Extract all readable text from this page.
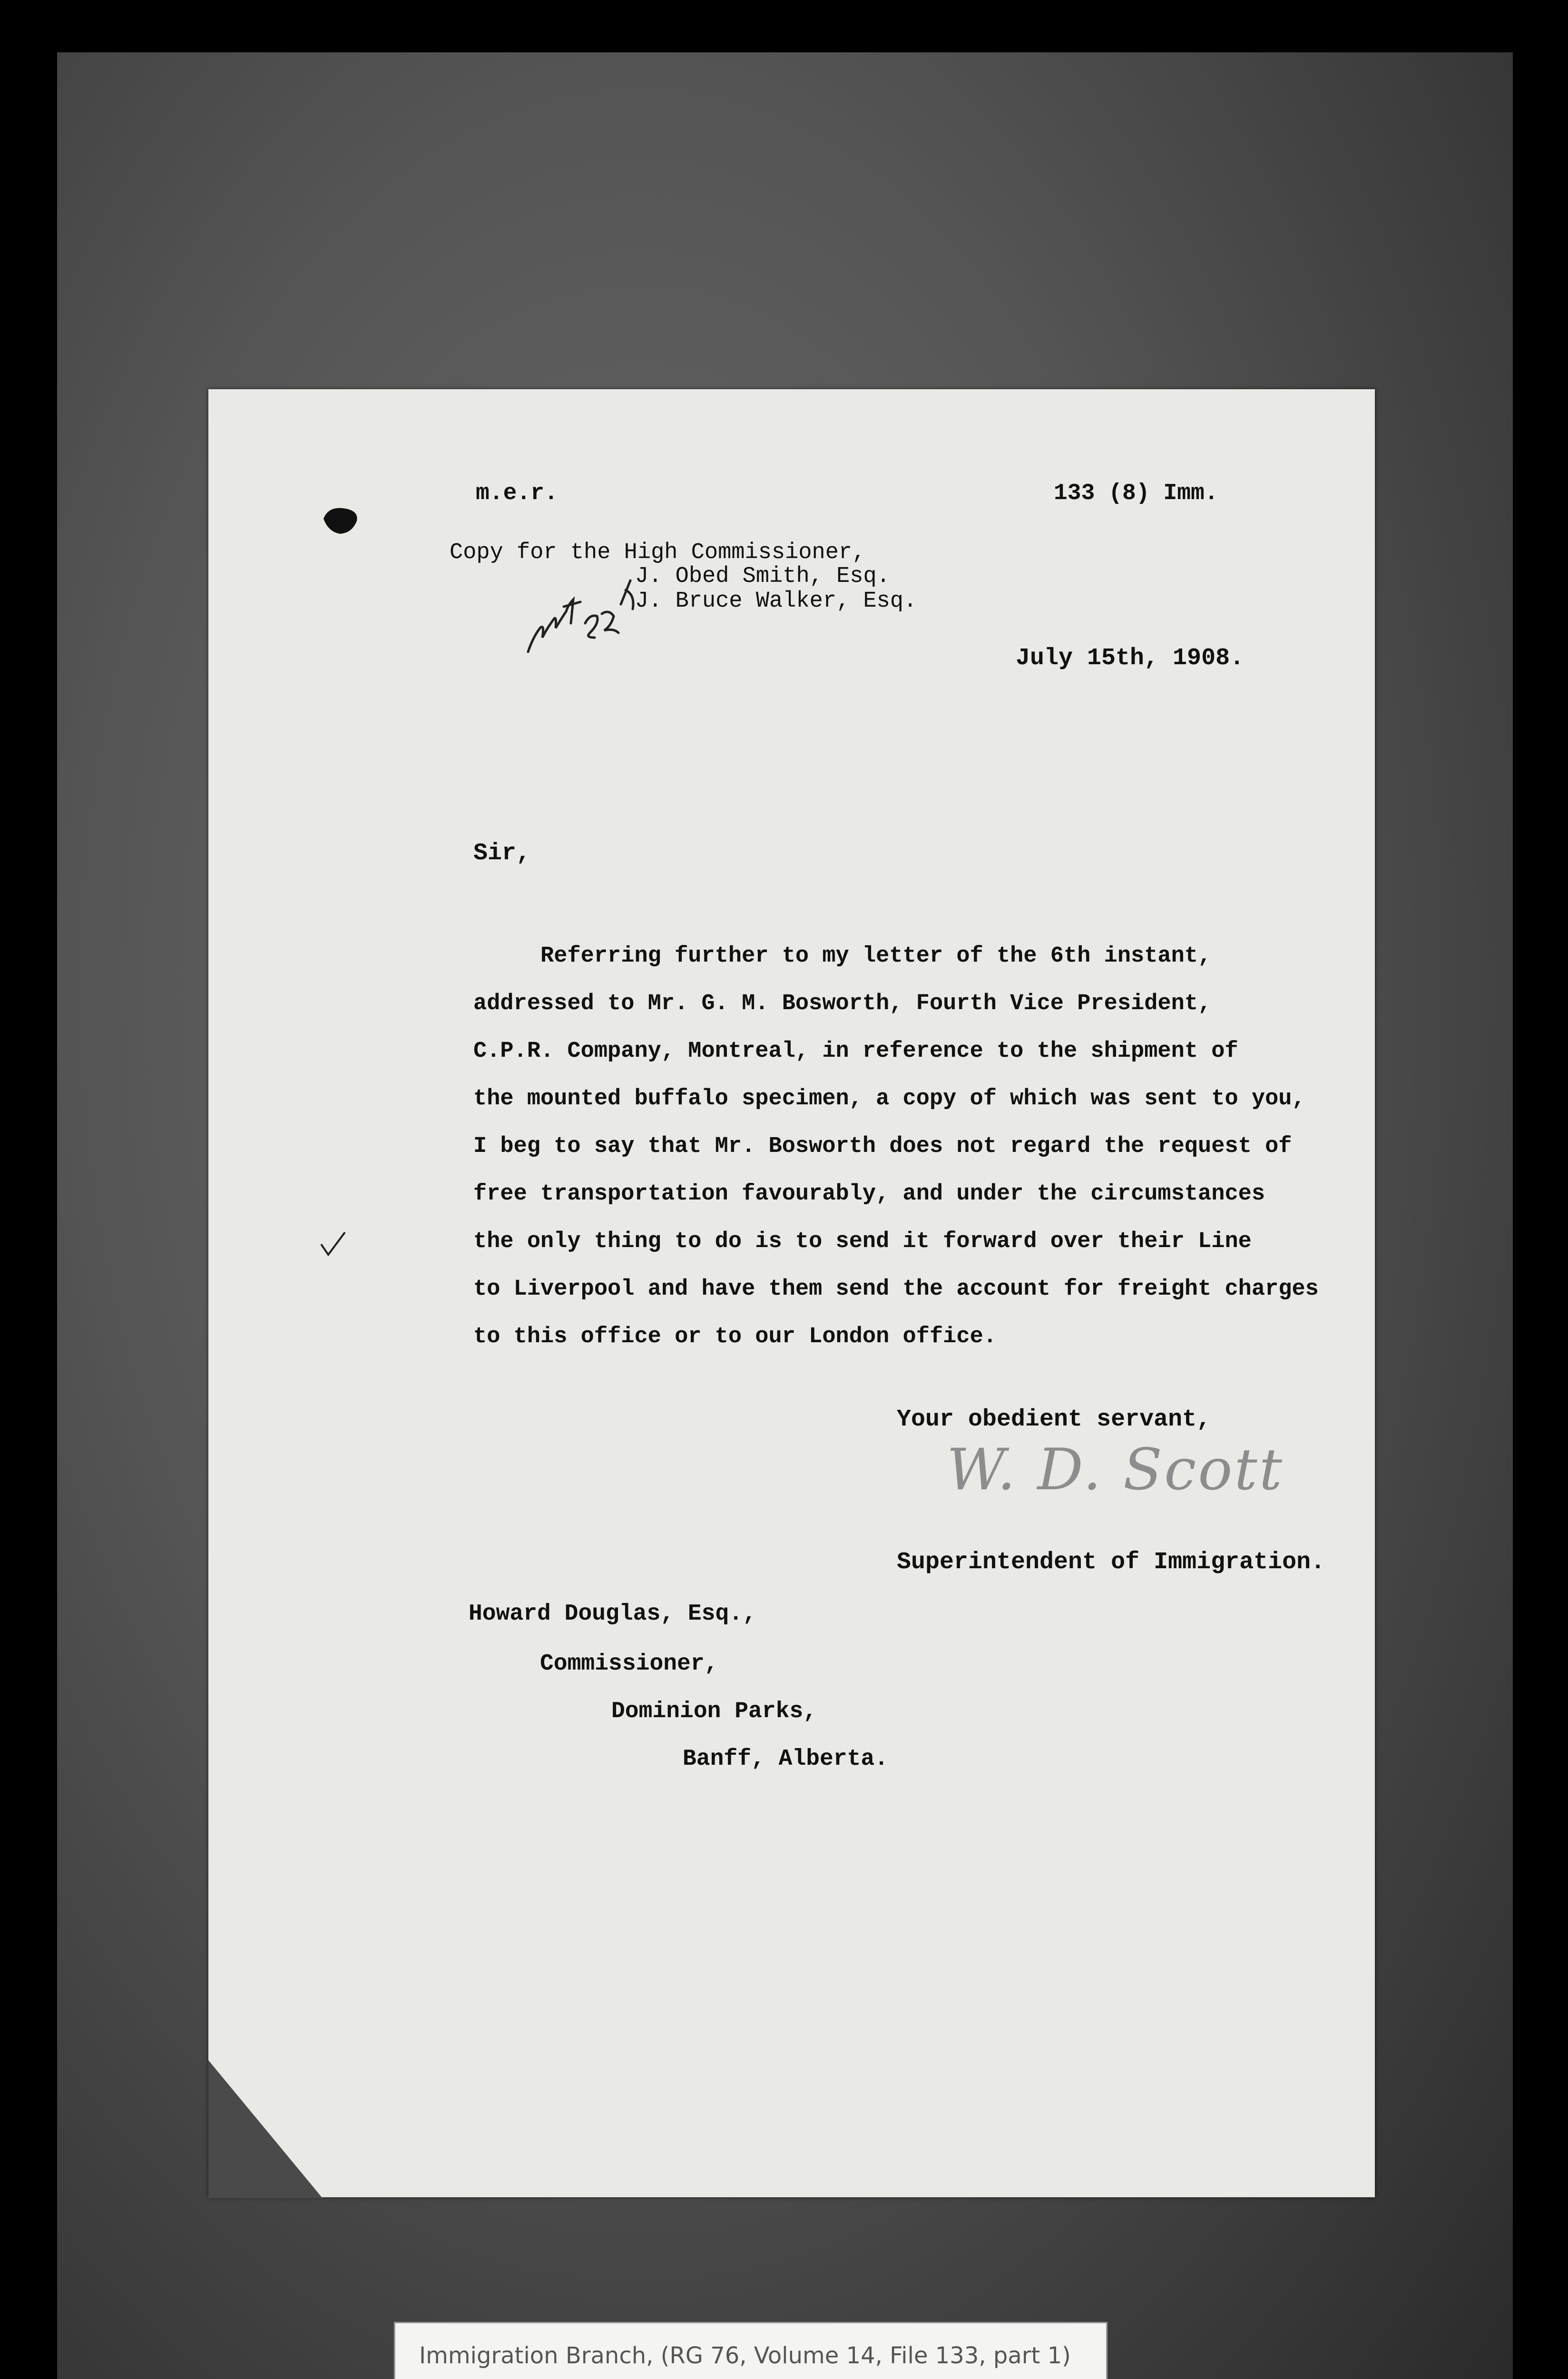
m.e.r.	133 (8) Imm.

Copy for the High Commissioner,

J. Obed Smith, Esq.

J. Bruce Walker, Esq.

July 15th, 1908.

Sir,

Referring further to my letter of the 6th instant,
addressed to Mr. G. M. Bosworth, Fourth Vice President,
C.P.R. Company, Montreal, in reference to the shipment of
the mounted buffalo specimen, a copy of which was sent to you,
I beg to say that Mr. Bosworth does not regard the request of
free transportation favourably, and under the circumstances
the only thing to do is to send it forward over their Line
to Liverpool and have them send the account for freight charges
to this office or to our London office.

Your obedient servant,

W. D. Scott

Superintendent of Immigration.

Howard Douglas, Esq.,

Commissioner,

Dominion Parks,

Banff, Alberta.

Immigration Branch, (RG 76, Volume 14, File 133, part 1)
